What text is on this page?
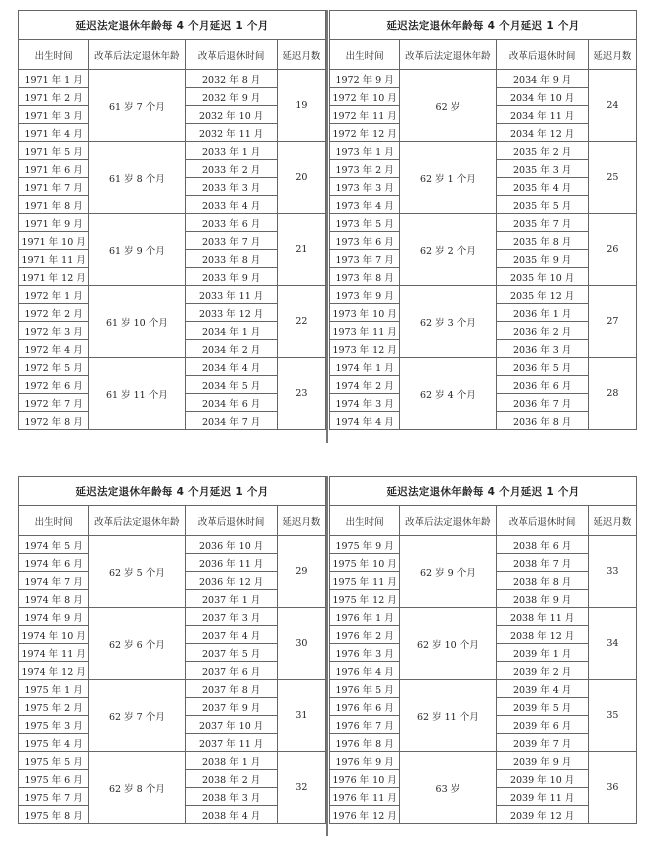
延迟法定退休年龄每 4 个月延迟 1 个月			
出生时间	改革后法定退休年龄	改革后退休时间	延迟月数
1971 年 1 月	61 岁 7 个月	2032 年 8 月	19
1971 年 2 月		2032 年 9 月	
1971 年 3 月		2032 年 10 月	
1971 年 4 月		2032 年 11 月	
1971 年 5 月	61 岁 8 个月	2033 年 1 月	20
1971 年 6 月		2033 年 2 月	
1971 年 7 月		2033 年 3 月	
1971 年 8 月		2033 年 4 月	
1971 年 9 月	61 岁 9 个月	2033 年 6 月	21
1971 年 10 月		2033 年 7 月	
1971 年 11 月		2033 年 8 月	
1971 年 12 月		2033 年 9 月	
1972 年 1 月	61 岁 10 个月	2033 年 11 月	22
1972 年 2 月		2033 年 12 月	
1972 年 3 月		2034 年 1 月	
1972 年 4 月		2034 年 2 月	
1972 年 5 月	61 岁 11 个月	2034 年 4 月	23
1972 年 6 月		2034 年 5 月	
1972 年 7 月		2034 年 6 月	
1972 年 8 月		2034 年 7 月	
延迟法定退休年龄每 4 个月延迟 1 个月			
出生时间	改革后法定退休年龄	改革后退休时间	延迟月数
1972 年 9 月	62 岁	2034 年 9 月	24
1972 年 10 月		2034 年 10 月	
1972 年 11 月		2034 年 11 月	
1972 年 12 月		2034 年 12 月	
1973 年 1 月	62 岁 1 个月	2035 年 2 月	25
1973 年 2 月		2035 年 3 月	
1973 年 3 月		2035 年 4 月	
1973 年 4 月		2035 年 5 月	
1973 年 5 月	62 岁 2 个月	2035 年 7 月	26
1973 年 6 月		2035 年 8 月	
1973 年 7 月		2035 年 9 月	
1973 年 8 月		2035 年 10 月	
1973 年 9 月	62 岁 3 个月	2035 年 12 月	27
1973 年 10 月		2036 年 1 月	
1973 年 11 月		2036 年 2 月	
1973 年 12 月		2036 年 3 月	
1974 年 1 月	62 岁 4 个月	2036 年 5 月	28
1974 年 2 月		2036 年 6 月	
1974 年 3 月		2036 年 7 月	
1974 年 4 月		2036 年 8 月	
延迟法定退休年龄每 4 个月延迟 1 个月			
出生时间	改革后法定退休年龄	改革后退休时间	延迟月数
1974 年 5 月	62 岁 5 个月	2036 年 10 月	29
1974 年 6 月		2036 年 11 月	
1974 年 7 月		2036 年 12 月	
1974 年 8 月		2037 年 1 月	
1974 年 9 月	62 岁 6 个月	2037 年 3 月	30
1974 年 10 月		2037 年 4 月	
1974 年 11 月		2037 年 5 月	
1974 年 12 月		2037 年 6 月	
1975 年 1 月	62 岁 7 个月	2037 年 8 月	31
1975 年 2 月		2037 年 9 月	
1975 年 3 月		2037 年 10 月	
1975 年 4 月		2037 年 11 月	
1975 年 5 月	62 岁 8 个月	2038 年 1 月	32
1975 年 6 月		2038 年 2 月	
1975 年 7 月		2038 年 3 月	
1975 年 8 月		2038 年 4 月	
延迟法定退休年龄每 4 个月延迟 1 个月			
出生时间	改革后法定退休年龄	改革后退休时间	延迟月数
1975 年 9 月	62 岁 9 个月	2038 年 6 月	33
1975 年 10 月		2038 年 7 月	
1975 年 11 月		2038 年 8 月	
1975 年 12 月		2038 年 9 月	
1976 年 1 月	62 岁 10 个月	2038 年 11 月	34
1976 年 2 月		2038 年 12 月	
1976 年 3 月		2039 年 1 月	
1976 年 4 月		2039 年 2 月	
1976 年 5 月	62 岁 11 个月	2039 年 4 月	35
1976 年 6 月		2039 年 5 月	
1976 年 7 月		2039 年 6 月	
1976 年 8 月		2039 年 7 月	
1976 年 9 月	63 岁	2039 年 9 月	36
1976 年 10 月		2039 年 10 月	
1976 年 11 月		2039 年 11 月	
1976 年 12 月		2039 年 12 月	
